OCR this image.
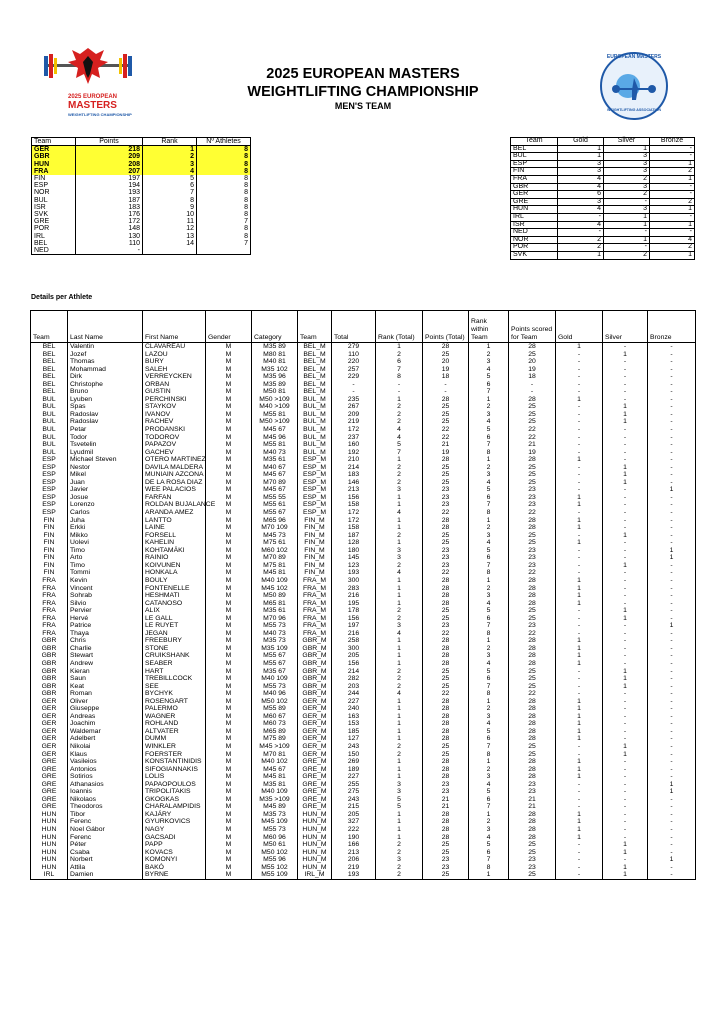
2025 EUROPEAN
MASTERS
WEIGHTLIFTING CHAMPIONSHIP
2025 EUROPEAN MASTERS
WEIGHTLIFTING CHAMPIONSHIP
MEN'S TEAM
EUROPEAN MASTERS
WEIGHTLIFTING ASSOCIATION
Team	Points	Rank	Nº Athletes
GER	218	1	8
GBR	209	2	8
HUN	208	3	8
FRA	207	4	8
FIN	197	5	8
ESP	194	6	8
NOR	193	7	8
BUL	187	8	8
ISR	183	9	8
SVK	176	10	8
GRE	172	11	7
POR	148	12	8
IRL	130	13	8
BEL	110	14	7
NED	-		
Team	Gold	Silver	Bronze
BEL	1	1	-
BUL	1	3	-
ESP	3	3	1
FIN	3	3	2
FRA	4	2	1
GBR	4	3	-
GER	6	2	-
GRE	3	-	2
HUN	4	3	1
IRL	-	1	-
ISR	4	1	1
NED	-	-	-
NOR	2	1	4
POR	2	-	2
SVK	1	2	1
Details per Athlete
Team	Last Name	First Name	Gender	Category	Team	Total	Rank (Total)	Points (Total)	Rank within Team	Points scored for Team	Gold	Silver	Bronze
BEL	Valentin	CLAVAREAU	M	M35 89	BEL_M	279	1	28	1	28	1	-	-
BEL	Jozef	LAZOU	M	M80 81	BEL_M	110	2	25	2	25	-	1	-
BEL	Thomas	BURY	M	M40 81	BEL_M	220	6	20	3	20	-	-	-
BEL	Mohammad	SALEH	M	M35 102	BEL_M	257	7	19	4	19	-	-	-
BEL	Dirk	VERREYCKEN	M	M35 96	BEL_M	229	8	18	5	18	-	-	-
BEL	Christophe	ORBAN	M	M35 89	BEL_M	-	-	-	6	-	-	-	-
BEL	Bruno	GUSTIN	M	M50 81	BEL_M	-	-	-	7	-	-	-	-
BUL	Lyuben	PERCHINSKI	M	M50 >109	BUL_M	235	1	28	1	28	1	-	-
BUL	Spas	STAYKOV	M	M40 >109	BUL_M	267	2	25	2	25	-	1	-
BUL	Radoslav	IVANOV	M	M55 81	BUL_M	209	2	25	3	25	-	1	-
BUL	Radoslav	RACHEV	M	M50 >109	BUL_M	219	2	25	4	25	-	1	-
BUL	Petar	PRODANSKI	M	M45 67	BUL_M	172	4	22	5	22	-	-	-
BUL	Todor	TODOROV	M	M45 96	BUL_M	237	4	22	6	22	-	-	-
BUL	Tsvetelin	PAPAZOV	M	M55 81	BUL_M	160	5	21	7	21	-	-	-
BUL	Lyudmil	GACHEV	M	M40 73	BUL_M	192	7	19	8	19	-	-	-
ESP	Michael Steven	OTERO MARTINEZ	M	M35 61	ESP_M	210	1	28	1	28	1	-	-
ESP	Nestor	DAVILA MALDERA	M	M40 67	ESP_M	214	2	25	2	25	-	1	-
ESP	Mikel	MUNIAIN AZCONA	M	M45 67	ESP_M	183	2	25	3	25	-	1	-
ESP	Juan	DE LA ROSA DIAZ	M	M70 89	ESP_M	146	2	25	4	25	-	1	-
ESP	Javier	WEE PALACIOS	M	M45 67	ESP_M	213	3	23	5	23	-	-	1
ESP	Josue	FARFAN	M	M55 55	ESP_M	156	1	23	6	23	1	-	-
ESP	Lorenzo	ROLDAN BUJALANCE	M	M55 61	ESP_M	158	1	23	7	23	1	-	-
ESP	Carlos	ARANDA AMEZ	M	M55 67	ESP_M	172	4	22	8	22	-	-	-
FIN	Juha	LANTTO	M	M65 96	FIN_M	172	1	28	1	28	1	-	-
FIN	Erkki	LAINE	M	M70 109	FIN_M	158	1	28	2	28	1	-	-
FIN	Mikko	FORSELL	M	M45 73	FIN_M	187	2	25	3	25	-	1	-
FIN	Uolevi	KAHELIN	M	M75 61	FIN_M	128	1	25	4	25	1	-	-
FIN	Timo	KOHTAMÄKI	M	M60 102	FIN_M	180	3	23	5	23	-	-	1
FIN	Arto	RAINIO	M	M70 89	FIN_M	145	3	23	6	23	-	-	1
FIN	Timo	KOIVUNEN	M	M75 81	FIN_M	123	2	23	7	23	-	1	-
FIN	Tommi	HONKALA	M	M45 81	FIN_M	193	4	22	8	22	-	-	-
FRA	Kevin	BOULY	M	M40 109	FRA_M	300	1	28	1	28	1	-	-
FRA	Vincent	FONTENELLE	M	M45 102	FRA_M	283	1	28	2	28	1	-	-
FRA	Sohrab	HESHMATI	M	M50 89	FRA_M	216	1	28	3	28	1	-	-
FRA	Silvio	CATANOSO	M	M65 81	FRA_M	195	1	28	4	28	1	-	-
FRA	Pervier	ALIX	M	M35 61	FRA_M	178	2	25	5	25	-	1	-
FRA	Hervé	LE GALL	M	M70 96	FRA_M	156	2	25	6	25	-	1	-
FRA	Patrice	LE RUYET	M	M55 73	FRA_M	197	3	23	7	23	-	-	1
FRA	Thaya	JEGAN	M	M40 73	FRA_M	216	4	22	8	22	-	-	-
GBR	Chris	FREEBURY	M	M35 73	GBR_M	258	1	28	1	28	1	-	-
GBR	Charlie	STONE	M	M35 109	GBR_M	300	1	28	2	28	1	-	-
GBR	Stewart	CRUIKSHANK	M	M55 67	GBR_M	205	1	28	3	28	1	-	-
GBR	Andrew	SEABER	M	M55 67	GBR_M	156	1	28	4	28	1	-	-
GBR	Kieran	HART	M	M35 67	GBR_M	214	2	25	5	25	-	1	-
GBR	Saun	TREBILLCOCK	M	M40 109	GBR_M	282	2	25	6	25	-	1	-
GBR	Keat	SEE	M	M55 73	GBR_M	203	2	25	7	25	-	1	-
GBR	Roman	BYCHYK	M	M40 96	GBR_M	244	4	22	8	22	-	-	-
GER	Oliver	ROSENGART	M	M50 102	GER_M	227	1	28	1	28	1	-	-
GER	Giuseppe	PALERMO	M	M55 89	GER_M	240	1	28	2	28	1	-	-
GER	Andreas	WAGNER	M	M60 67	GER_M	163	1	28	3	28	1	-	-
GER	Joachim	ROHLAND	M	M60 73	GER_M	153	1	28	4	28	1	-	-
GER	Waldemar	ALTVATER	M	M65 89	GER_M	185	1	28	5	28	1	-	-
GER	Adelbert	DUMM	M	M75 89	GER_M	127	1	28	6	28	1	-	-
GER	Nikolai	WINKLER	M	M45 >109	GER_M	243	2	25	7	25	-	1	-
GER	Klaus	FOERSTER	M	M70 81	GER_M	150	2	25	8	25	-	1	-
GRE	Vasileios	KONSTANTINIDIS	M	M40 102	GRE_M	269	1	28	1	28	1	-	-
GRE	Antonios	SIFOGIANNAKIS	M	M45 67	GRE_M	189	1	28	2	28	1	-	-
GRE	Sotirios	LOLIS	M	M45 81	GRE_M	227	1	28	3	28	1	-	-
GRE	Athanasios	PAPAOPOULOS	M	M35 81	GRE_M	255	3	23	4	23	-	-	1
GRE	Ioannis	TRIPOLITAKIS	M	M40 109	GRE_M	275	3	23	5	23	-	-	1
GRE	Nikolaos	GKOGKAS	M	M35 >109	GRE_M	243	5	21	6	21	-	-	-
GRE	Theodoros	CHARALAMPIDIS	M	M45 89	GRE_M	215	5	21	7	21	-	-	-
HUN	Tibor	KAJÁRY	M	M35 73	HUN_M	205	1	28	1	28	1	-	-
HUN	Ferenc	GYURKOVICS	M	M45 109	HUN_M	327	1	28	2	28	1	-	-
HUN	Noel Gábor	NAGY	M	M55 73	HUN_M	222	1	28	3	28	1	-	-
HUN	Ferenc	GACSADI	M	M60 96	HUN_M	190	1	28	4	28	1	-	-
HUN	Péter	PAPP	M	M50 61	HUN_M	166	2	25	5	25	-	1	-
HUN	Csaba	KOVACS	M	M50 102	HUN_M	213	2	25	6	25	-	1	-
HUN	Norbert	KOMONYI	M	M55 96	HUN_M	206	3	23	7	23	-	-	1
HUN	Attila	BAKÓ	M	M55 102	HUN_M	219	2	23	8	23	-	1	-
IRL	Damien	BYRNE	M	M55 109	IRL_M	193	2	25	1	25	-	1	-
